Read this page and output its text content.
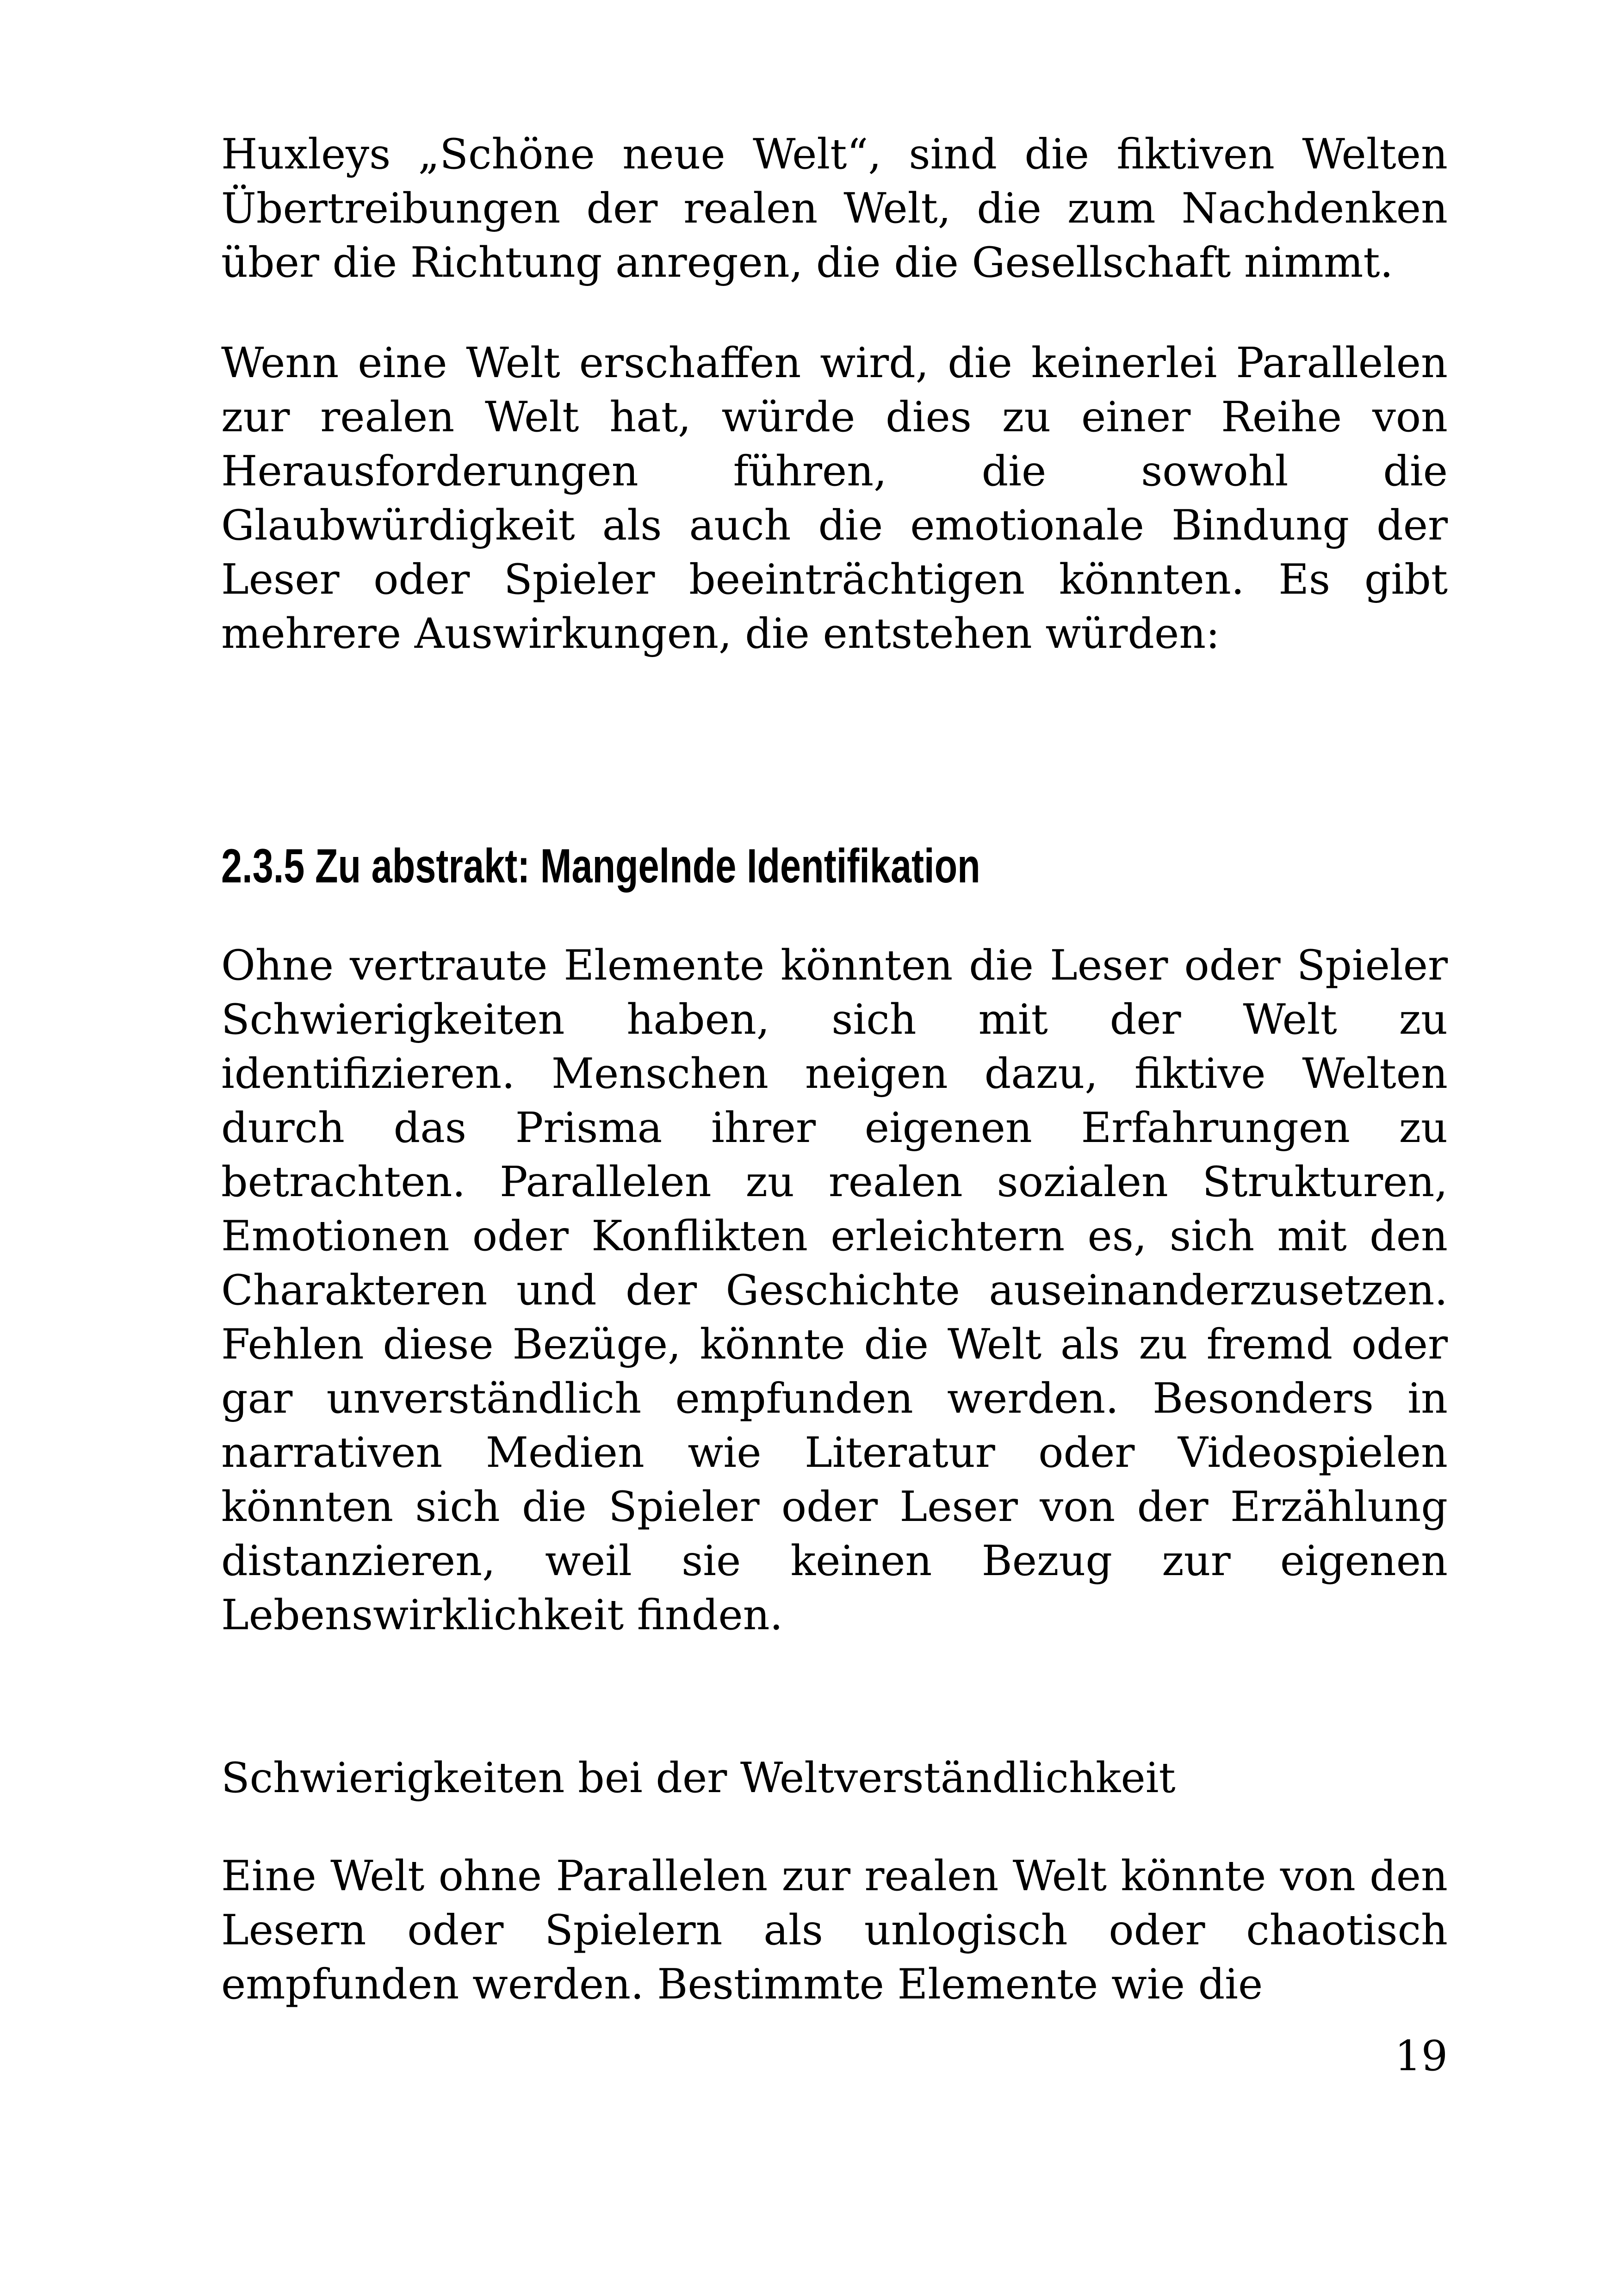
Huxleys „Schöne neue Welt“, sind die fiktiven Welten Übertreibungen der realen Welt, die zum Nachdenken über die Richtung anregen, die die Gesellschaft nimmt.

Wenn eine Welt erschaffen wird, die keinerlei Parallelen zur realen Welt hat, würde dies zu einer Reihe von Herausforderungen führen, die sowohl die Glaubwürdigkeit als auch die emotionale Bindung der Leser oder Spieler beeinträchtigen könnten. Es gibt mehrere Auswirkungen, die entstehen würden:

2.3.5 Zu abstrakt: Mangelnde Identifikation

Ohne vertraute Elemente könnten die Leser oder Spieler Schwierigkeiten haben, sich mit der Welt zu identifizieren. Menschen neigen dazu, fiktive Welten durch das Prisma ihrer eigenen Erfahrungen zu betrachten. Parallelen zu realen sozialen Strukturen, Emotionen oder Konflikten erleichtern es, sich mit den Charakteren und der Geschichte auseinanderzusetzen. Fehlen diese Bezüge, könnte die Welt als zu fremd oder gar unverständlich empfunden werden. Besonders in narrativen Medien wie Literatur oder Videospielen könnten sich die Spieler oder Leser von der Erzählung distanzieren, weil sie keinen Bezug zur eigenen Lebenswirklichkeit finden.

Schwierigkeiten bei der Weltverständlichkeit

Eine Welt ohne Parallelen zur realen Welt könnte von den Lesern oder Spielern als unlogisch oder chaotisch empfunden werden. Bestimmte Elemente wie die

19
